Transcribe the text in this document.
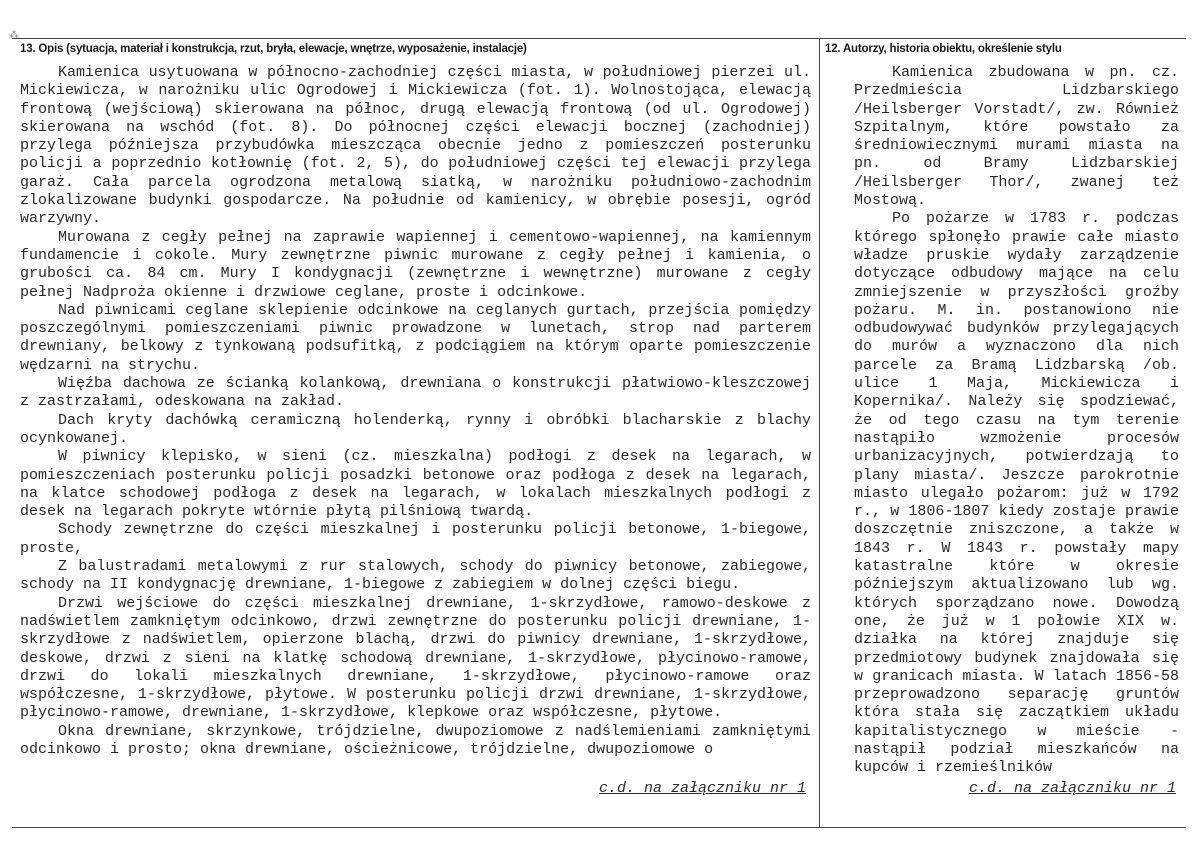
⁂
13. Opis (sytuacja, materiał i konstrukcja, rzut, bryła, elewacje, wnętrze, wyposażenie, instalacje)

Kamienica usytuowana w północno-zachodniej części miasta, w południowej pierzei ul. Mickiewicza, w narożniku ulic Ogrodowej i Mickiewicza (fot. 1). Wolnostojąca, elewacją frontową (wejściową) skierowana na północ, drugą elewacją frontową (od ul. Ogrodowej) skierowana na wschód (fot. 8). Do północnej części elewacji bocznej (zachodniej) przylega późniejsza przybudówka mieszcząca obecnie jedno z pomieszczeń posterunku policji a poprzednio kotłownię (fot. 2, 5), do południowej części tej elewacji przylega garaż. Cała parcela ogrodzona metalową siatką, w narożniku południowo-zachodnim zlokalizowane budynki gospodarcze. Na południe od kamienicy, w obrębie posesji, ogród warzywny.

Murowana z cegły pełnej na zaprawie wapiennej i cementowo-wapiennej, na kamiennym fundamencie i cokole. Mury zewnętrzne piwnic murowane z cegły pełnej i kamienia, o grubości ca. 84 cm. Mury I kondygnacji (zewnętrzne i wewnętrzne) murowane z cegły pełnej Nadproża okienne i drzwiowe ceglane, proste i odcinkowe.

Nad piwnicami ceglane sklepienie odcinkowe na ceglanych gurtach, przejścia pomiędzy poszczególnymi pomieszczeniami piwnic prowadzone w lunetach, strop nad parterem drewniany, belkowy z tynkowaną podsufitką, z podciągiem na którym oparte pomieszczenie wędzarni na strychu.

Więźba dachowa ze ścianką kolankową, drewniana o konstrukcji płatwiowo-kleszczowej z zastrzałami, odeskowana na zakład.

Dach kryty dachówką ceramiczną holenderką, rynny i obróbki blacharskie z blachy ocynkowanej.

W piwnicy klepisko, w sieni (cz. mieszkalna) podłogi z desek na legarach, w pomieszczeniach posterunku policji posadzki betonowe oraz podłoga z desek na legarach, na klatce schodowej podłoga z desek na legarach, w lokalach mieszkalnych podłogi z desek na legarach pokryte wtórnie płytą pilśniową twardą.

Schody zewnętrzne do części mieszkalnej i posterunku policji betonowe, 1-biegowe, proste,

Z balustradami metalowymi z rur stalowych, schody do piwnicy betonowe, zabiegowe, schody na II kondygnację drewniane, 1-biegowe z zabiegiem w dolnej części biegu.

Drzwi wejściowe do części mieszkalnej drewniane, 1-skrzydłowe, ramowo-deskowe z nadświetlem zamkniętym odcinkowo, drzwi zewnętrzne do posterunku policji drewniane, 1-skrzydłowe z nadświetlem, opierzone blachą, drzwi do piwnicy drewniane, 1-skrzydłowe, deskowe, drzwi z sieni na klatkę schodową drewniane, 1-skrzydłowe, płycinowo-ramowe, drzwi do lokali mieszkalnych drewniane, 1-skrzydłowe, płycinowo-ramowe oraz współczesne, 1-skrzydłowe, płytowe. W posterunku policji drzwi drewniane, 1-skrzydłowe, płycinowo-ramowe, drewniane, 1-skrzydłowe, klepkowe oraz współczesne, płytowe.

Okna drewniane, skrzynkowe, trójdzielne, dwupoziomowe z nadślemieniami zamkniętymi odcinkowo i prosto; okna drewniane, ościeżnicowe, trójdzielne, dwupoziomowe o

c.d. na załączniku nr 1
12. Autorzy, historia obiektu, określenie stylu

Kamienica zbudowana w pn. cz. Przedmieścia Lidzbarskiego /Heilsberger Vorstadt/, zw. Również Szpitalnym, które powstało za średniowiecznymi murami miasta na pn. od Bramy Lidzbarskiej /Heilsberger Thor/, zwanej też Mostową.

Po pożarze w 1783 r. podczas którego spłonęło prawie całe miasto władze pruskie wydały zarządzenie dotyczące odbudowy mające na celu zmniejszenie w przyszłości groźby pożaru. M. in. postanowiono nie odbudowywać budynków przylegających do murów a wyznaczono dla nich parcele za Bramą Lidzbarską /ob. ulice 1 Maja, Mickiewicza i Kopernika/. Należy się spodziewać, że od tego czasu na tym terenie nastąpiło wzmożenie procesów urbanizacyjnych, potwierdzają to plany miasta/. Jeszcze parokrotnie miasto ulegało pożarom: już w 1792 r., w 1806-1807 kiedy zostaje prawie doszczętnie zniszczone, a także w 1843 r. W 1843 r. powstały mapy katastralne które w okresie późniejszym aktualizowano lub wg. których sporządzano nowe. Dowodzą one, że już w 1 połowie XIX w. działka na której znajduje się przedmiotowy budynek znajdowała się w granicach miasta. W latach 1856-58 przeprowadzono separację gruntów która stała się zaczątkiem układu kapitalistycznego w mieście - nastąpił podział mieszkańców na kupców i rzemieślników

c.d. na załączniku nr 1
